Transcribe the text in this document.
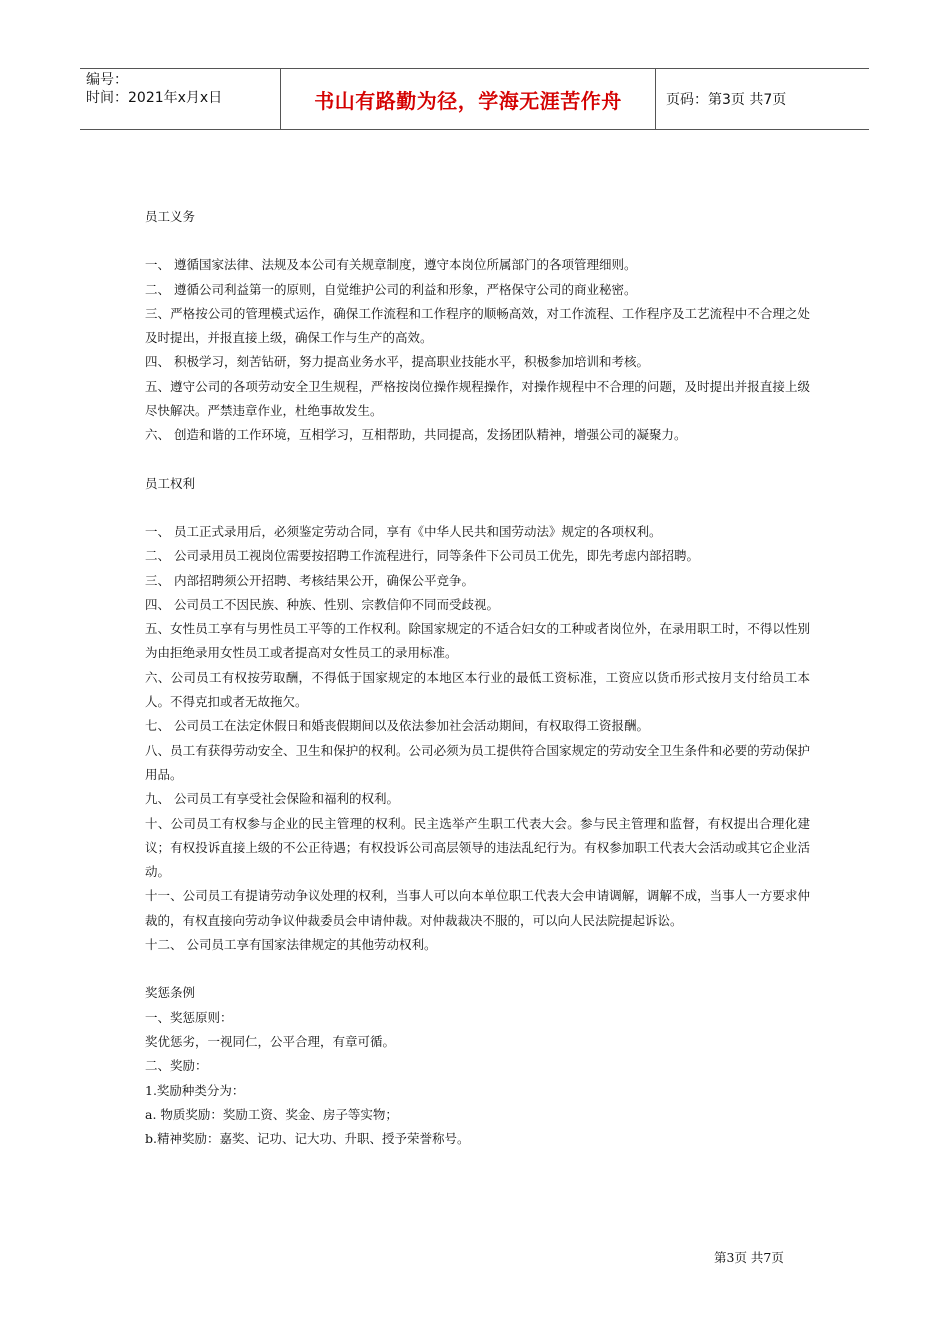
编号：
时间：2021年x月x日	书山有路勤为径，学海无涯苦作舟	页码：第3页 共7页

员工义务

一、 遵循国家法律、法规及本公司有关规章制度，遵守本岗位所属部门的各项管理细则。

二、 遵循公司利益第一的原则，自觉维护公司的利益和形象，严格保守公司的商业秘密。

三、严格按公司的管理模式运作，确保工作流程和工作程序的顺畅高效，对工作流程、工作程序及工艺流程中不合理之处及时提出，并报直接上级，确保工作与生产的高效。

四、 积极学习，刻苦钻研，努力提高业务水平，提高职业技能水平，积极参加培训和考核。

五、遵守公司的各项劳动安全卫生规程，严格按岗位操作规程操作，对操作规程中不合理的问题，及时提出并报直接上级尽快解决。严禁违章作业，杜绝事故发生。

六、 创造和谐的工作环境，互相学习，互相帮助，共同提高，发扬团队精神，增强公司的凝聚力。

员工权利

一、 员工正式录用后，必须鉴定劳动合同，享有《中华人民共和国劳动法》规定的各项权利。

二、 公司录用员工视岗位需要按招聘工作流程进行，同等条件下公司员工优先，即先考虑内部招聘。

三、 内部招聘须公开招聘、考核结果公开，确保公平竞争。

四、 公司员工不因民族、种族、性别、宗教信仰不同而受歧视。

五、女性员工享有与男性员工平等的工作权利。除国家规定的不适合妇女的工种或者岗位外，在录用职工时，不得以性别为由拒绝录用女性员工或者提高对女性员工的录用标准。

六、公司员工有权按劳取酬，不得低于国家规定的本地区本行业的最低工资标准，工资应以货币形式按月支付给员工本人。不得克扣或者无故拖欠。

七、 公司员工在法定休假日和婚丧假期间以及依法参加社会活动期间，有权取得工资报酬。

八、员工有获得劳动安全、卫生和保护的权利。公司必须为员工提供符合国家规定的劳动安全卫生条件和必要的劳动保护用品。

九、 公司员工有享受社会保险和福利的权利。

十、公司员工有权参与企业的民主管理的权利。民主选举产生职工代表大会。参与民主管理和监督，有权提出合理化建议；有权投诉直接上级的不公正待遇；有权投诉公司高层领导的违法乱纪行为。有权参加职工代表大会活动或其它企业活动。

十一、公司员工有提请劳动争议处理的权利，当事人可以向本单位职工代表大会申请调解，调解不成，当事人一方要求仲裁的，有权直接向劳动争议仲裁委员会申请仲裁。对仲裁裁决不服的，可以向人民法院提起诉讼。

十二、 公司员工享有国家法律规定的其他劳动权利。

奖惩条例

一、奖惩原则：

奖优惩劣，一视同仁，公平合理，有章可循。

二、奖励：

1.奖励种类分为：

a. 物质奖励：奖励工资、奖金、房子等实物；

b.精神奖励：嘉奖、记功、记大功、升职、授予荣誉称号。

第3页 共7页
